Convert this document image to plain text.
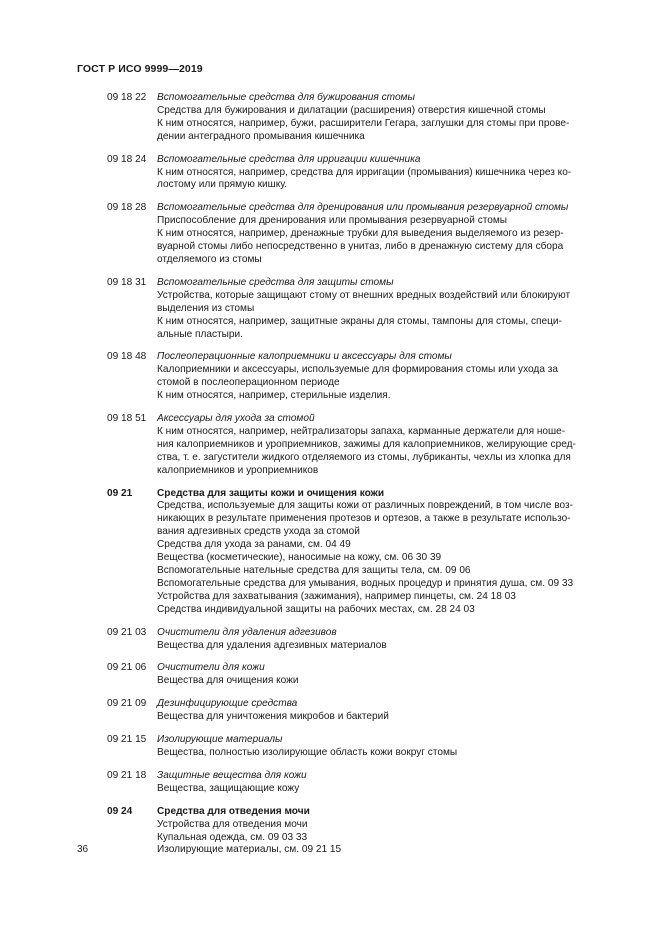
ГОСТ Р ИСО 9999—2019
09 18 22	Вспомогательные средства для бужирования стомы
Средства для бужирования и дилатации (расширения) отверстия кишечной стомы
К ним относятся, например, бужи, расширители Гегара, заглушки для стомы при прове-
дении антеградного промывания кишечника
09 18 24	Вспомогательные средства для ирригации кишечника
К ним относятся, например, средства для ирригации (промывания) кишечника через ко-
лостому или прямую кишку.
09 18 28	Вспомогательные средства для дренирования или промывания резервуарной стомы
Приспособление для дренирования или промывания резервуарной стомы
К ним относятся, например, дренажные трубки для выведения выделяемого из резер-
вуарной стомы либо непосредственно в унитаз, либо в дренажную систему для сбора
отделяемого из стомы
09 18 31	Вспомогательные средства для защиты стомы
Устройства, которые защищают стому от внешних вредных воздействий или блокируют
выделения из стомы
К ним относятся, например, защитные экраны для стомы, тампоны для стомы, специ-
альные пластыри.
09 18 48	Послеоперационные калоприемники и аксессуары для стомы
Калоприемники и аксессуары, используемые для формирования стомы или ухода за
стомой в послеоперационном периоде
К ним относятся, например, стерильные изделия.
09 18 51	Аксессуары для ухода за стомой
К ним относятся, например, нейтрализаторы запаха, карманные держатели для ноше-
ния калоприемников и уроприемников, зажимы для калоприемников, желирующие сред-
ства, т. е. загустители жидкого отделяемого из стомы, лубриканты, чехлы из хлопка для
калоприемников и уроприемников
09 21	Средства для защиты кожи и очищения кожи
Средства, используемые для защиты кожи от различных повреждений, в том числе воз-
никающих в результате применения протезов и ортезов, а также в результате использо-
вания адгезивных средств ухода за стомой
Средства для ухода за ранами, см. 04 49
Вещества (косметические), наносимые на кожу, см. 06 30 39
Вспомогательные нательные средства для защиты тела, см. 09 06
Вспомогательные средства для умывания, водных процедур и принятия душа, см. 09 33
Устройства для захватывания (зажимания), например пинцеты, см. 24 18 03
Средства индивидуальной защиты на рабочих местах, см. 28 24 03
09 21 03	Очистители для удаления адгезивов
Вещества для удаления адгезивных материалов
09 21 06	Очистители для кожи
Вещества для очищения кожи
09 21 09	Дезинфицирующие средства
Вещества для уничтожения микробов и бактерий
09 21 15	Изолирующие материалы
Вещества, полностью изолирующие область кожи вокруг стомы
09 21 18	Защитные вещества для кожи
Вещества, защищающие кожу
09 24	Средства для отведения мочи
Устройства для отведения мочи
Купальная одежда, см. 09 03 33
Изолирующие материалы, см. 09 21 15
36
